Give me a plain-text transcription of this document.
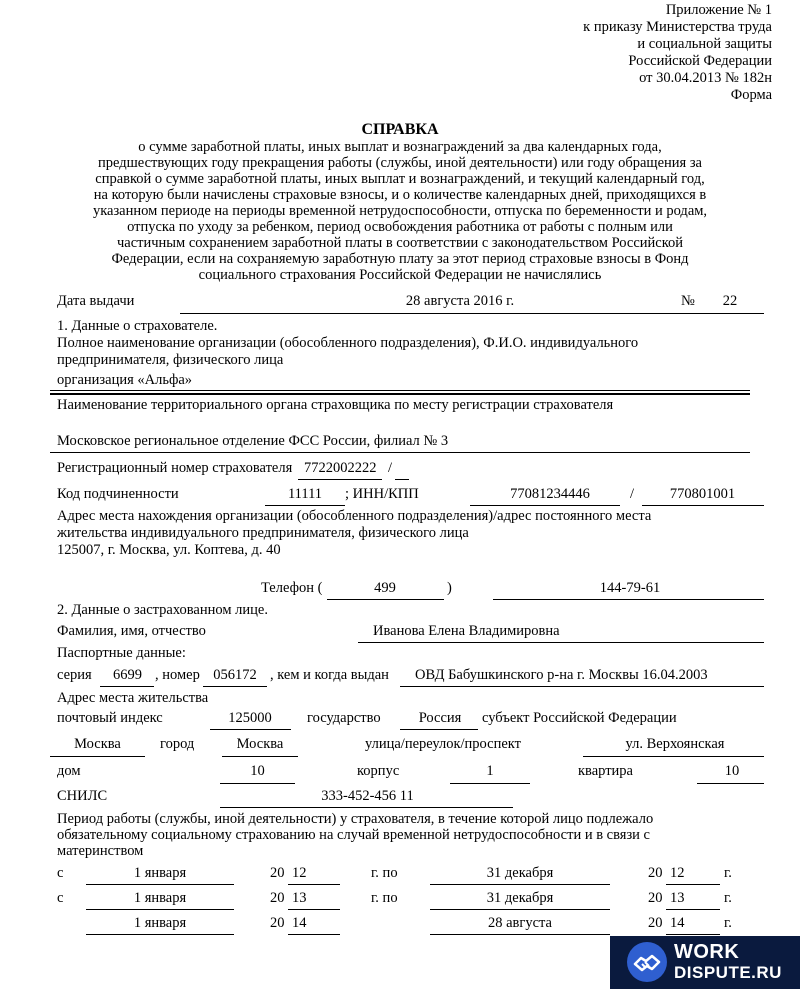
Приложение № 1
к приказу Министерства труда
и социальной защиты
Российской Федерации
от 30.04.2013 № 182н
Форма
СПРАВКА
о сумме заработной платы, иных выплат и вознаграждений за два календарных года,
предшествующих году прекращения работы (службы, иной деятельности) или году обращения за
справкой о сумме заработной платы, иных выплат и вознаграждений, и текущий календарный год,
на которую были начислены страховые взносы, и о количестве календарных дней, приходящихся в
указанном периоде на периоды временной нетрудоспособности, отпуска по беременности и родам,
отпуска по уходу за ребенком, период освобождения работника от работы с полным или
частичным сохранением заработной платы в соответствии с законодательством Российской
Федерации, если на сохраняемую заработную плату за этот период страховые взносы в Фонд
социального страхования Российской Федерации не начислялись
Дата выдачи	28 августа 2016 г.	№	22
1. Данные о страхователе.
Полное наименование организации (обособленного подразделения), Ф.И.О. индивидуального
предпринимателя, физического лица
организация «Альфа»
Наименование территориального органа страховщика по месту регистрации страхователя
Московское региональное отделение ФСС России, филиал № 3
Регистрационный номер страхователя 7722002222 /
Код подчиненности	11111	; ИНН/КПП	77081234446	/	770801001
Адрес места нахождения организации (обособленного подразделения)/адрес постоянного места
жительства индивидуального предпринимателя, физического лица
125007, г. Москва, ул. Коптева, д. 40
Телефон (	499	)	144-79-61
2. Данные о застрахованном лице.
Фамилия, имя, отчество	Иванова Елена Владимировна
Паспортные данные:
серия	6699 , номер 056172 , кем и когда выдан ОВД Бабушкинского р-на г. Москвы 16.04.2003
Адрес места жительства
почтовый индекс	125000	государство	Россия	субъект Российской Федерации
Москва	город	Москва	улица/переулок/проспект	ул. Верхоянская
дом	10	корпус	1	квартира	10
СНИЛС	333-452-456 11
Период работы (службы, иной деятельности) у страхователя, в течение которой лицо подлежало
обязательному социальному страхованию на случай временной нетрудоспособности и в связи с
материнством
с	1 января	20 12	г. по	31 декабря	20 12	г.
с	1 января	20 13	г. по	31 декабря	20 13	г.
1 января	20 14	28 августа	20 14	г.
WORK
DISPUTE.RU
